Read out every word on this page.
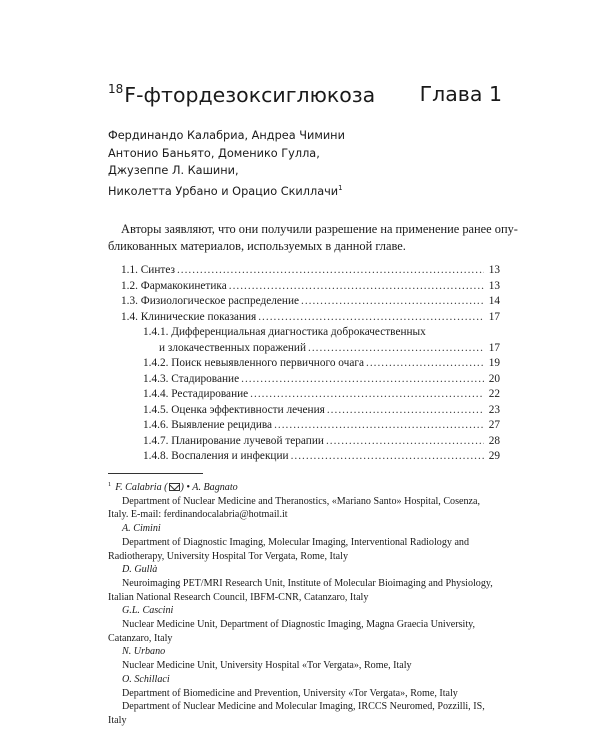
$^{18}$F-фтордезоксиглюкоза Глава 1
Фердинандо Калабриа, Андреа Чимини
Антонио Баньято, Доменико Гулла,
Джузеппе Л. Кашини,
Николетта Урбано и Орацио Скиллачи$^1$
Авторы заявляют, что они получили разрешение на применение ранее опу-
бликованных материалов, используемых в данной главе.
1.1. Синтез .....	13
1.2. Фармакокинетика .....	13
1.3. Физиологическое распределение .....	14
1.4. Клинические показания .....	17
1.4.1. Дифференциальная диагностика доброкачественных
и злокачественных поражений .....	17
1.4.2. Поиск невыявленного первичного очага .....	19
1.4.3. Стадирование .....	20
1.4.4. Рестадирование .....	22
1.4.5. Оценка эффективности лечения .....	23
1.4.6. Выявление рецидива .....	27
1.4.7. Планирование лучевой терапии .....	28
1.4.8. Воспаления и инфекции .....	29
$^1$ F. Calabria ( ) • A. Bagnato
Department of Nuclear Medicine and Theranostics, «Mariano Santo» Hospital, Cosenza, Italy. E-mail: ferdinandocalabria@hotmail.it
A. Cimini
Department of Diagnostic Imaging, Molecular Imaging, Interventional Radiology and Radiotherapy, University Hospital Tor Vergata, Rome, Italy
D. Gullà
Neuroimaging PET/MRI Research Unit, Institute of Molecular Bioimaging and Physiology, Italian National Research Council, IBFM-CNR, Catanzaro, Italy
G.L. Cascini
Nuclear Medicine Unit, Department of Diagnostic Imaging, Magna Graecia University, Catanzaro, Italy
N. Urbano
Nuclear Medicine Unit, University Hospital «Tor Vergata», Rome, Italy
O. Schillaci
Department of Biomedicine and Prevention, University «Tor Vergata», Rome, Italy
Department of Nuclear Medicine and Molecular Imaging, IRCCS Neuromed, Pozzilli, IS, Italy
